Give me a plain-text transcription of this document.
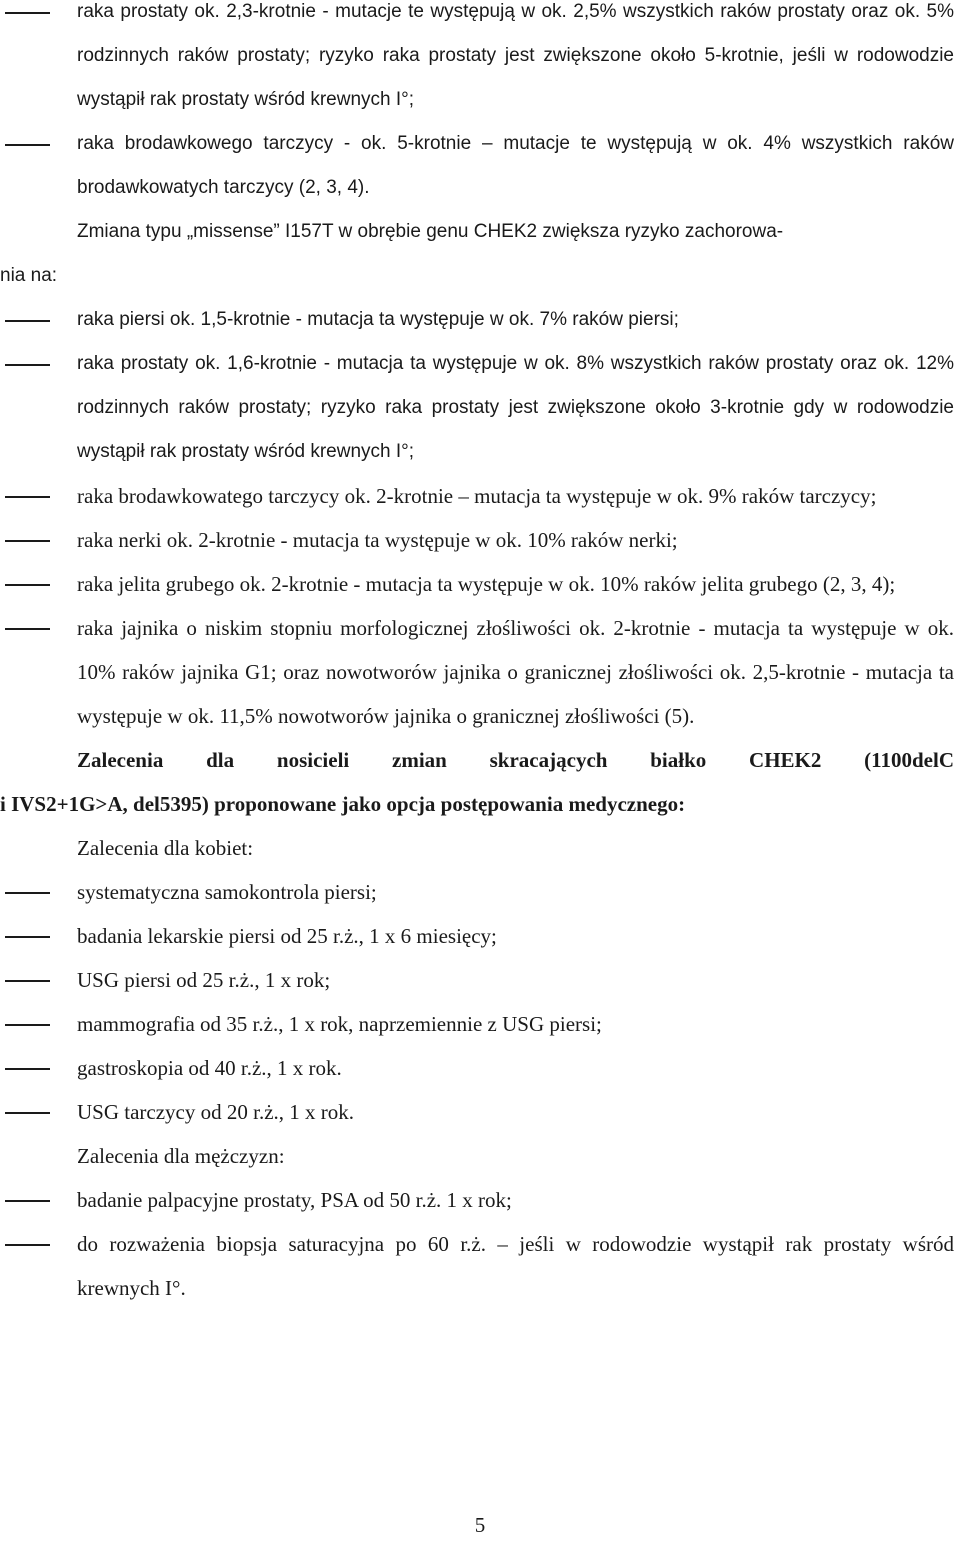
raka prostaty ok. 2,3-krotnie - mutacje te występują w ok. 2,5% wszystkich raków prostaty oraz ok. 5% rodzinnych raków prostaty; ryzyko raka prostaty jest zwiększone około 5-krotnie, jeśli w rodowodzie wystąpił rak prostaty wśród krewnych I°;
raka brodawkowego tarczycy - ok. 5-krotnie – mutacje te występują w ok. 4% wszystkich raków brodawkowatych tarczycy (2, 3, 4).
Zmiana typu „missense” I157T w obrębie genu CHEK2 zwiększa ryzyko zachorowa-
nia na:
raka piersi ok. 1,5-krotnie - mutacja ta występuje w ok. 7% raków piersi;
raka prostaty ok. 1,6-krotnie - mutacja ta występuje w ok. 8% wszystkich raków prostaty oraz ok. 12% rodzinnych raków prostaty; ryzyko raka prostaty jest zwiększone około 3-krotnie gdy w rodowodzie wystąpił rak prostaty wśród krewnych I°;
raka brodawkowatego tarczycy ok. 2-krotnie – mutacja ta występuje w ok. 9% raków tarczycy;
raka nerki ok. 2-krotnie - mutacja ta występuje w ok. 10% raków nerki;
raka jelita grubego ok. 2-krotnie - mutacja ta występuje w ok. 10% raków jelita grubego (2, 3, 4);
raka jajnika o niskim stopniu morfologicznej złośliwości ok. 2-krotnie - mutacja ta występuje w ok. 10% raków jajnika G1; oraz nowotworów jajnika o granicznej złośliwości ok. 2,5-krotnie - mutacja ta występuje w ok. 11,5% nowotworów jajnika o granicznej złośliwości (5).
Zalecenia dla nosicieli zmian skracających białko CHEK2 (1100delC
i IVS2+1G>A, del5395) proponowane jako opcja postępowania medycznego:
Zalecenia dla kobiet:
systematyczna samokontrola piersi;
badania lekarskie piersi od 25 r.ż., 1 x 6 miesięcy;
USG piersi od 25 r.ż., 1 x rok;
mammografia od 35 r.ż., 1 x rok, naprzemiennie z USG piersi;
gastroskopia od 40 r.ż., 1 x rok.
USG tarczycy od 20 r.ż., 1 x rok.
Zalecenia dla mężczyzn:
badanie palpacyjne prostaty, PSA od 50 r.ż. 1 x rok;
do rozważenia biopsja saturacyjna po 60 r.ż. – jeśli w rodowodzie wystąpił rak prostaty wśród krewnych I°.
5
